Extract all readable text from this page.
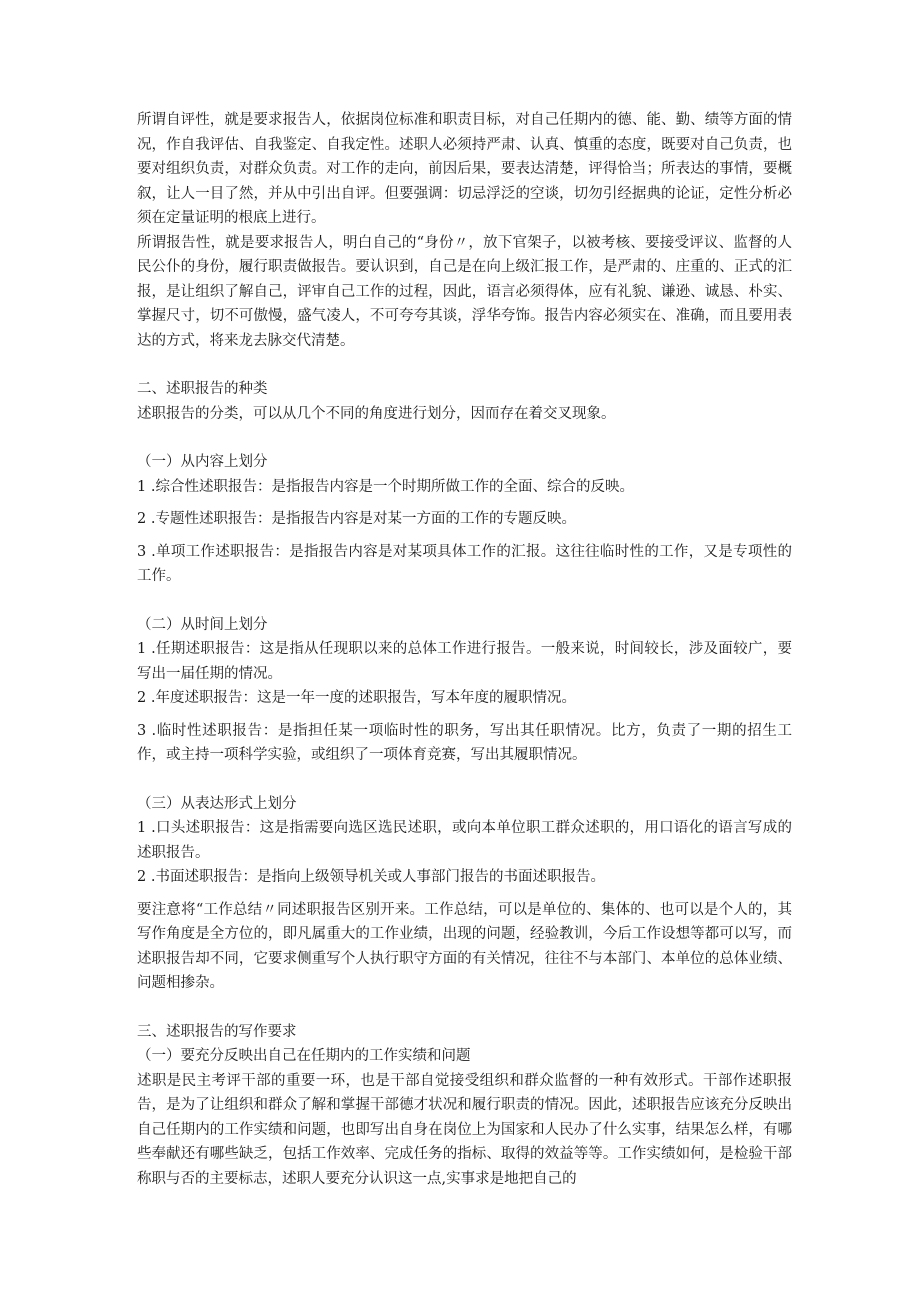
所谓自评性，就是要求报告人，依据岗位标准和职责目标，对自己任期内的德、能、勤、绩等方面的情况，作自我评估、自我鉴定、自我定性。述职人必须持严肃、认真、慎重的态度，既要对自己负责，也要对组织负责，对群众负责。对工作的走向，前因后果，要表达清楚，评得恰当；所表达的事情，要概叙，让人一目了然，并从中引出自评。但要强调：切忌浮泛的空谈，切勿引经据典的论证，定性分析必须在定量证明的根底上进行。

所谓报告性，就是要求报告人，明白自己的“身份〃，放下官架子，以被考核、要接受评议、监督的人民公仆的身份，履行职责做报告。要认识到，自己是在向上级汇报工作，是严肃的、庄重的、正式的汇报，是让组织了解自己，评审自己工作的过程，因此，语言必须得体，应有礼貌、谦逊、诚恳、朴实、掌握尺寸，切不可傲慢，盛气凌人，不可夸夸其谈，浮华夸饰。报告内容必须实在、准确，而且要用表达的方式，将来龙去脉交代清楚。

二、述职报告的种类

述职报告的分类，可以从几个不同的角度进行划分，因而存在着交叉现象。

（一）从内容上划分

1 .综合性述职报告：是指报告内容是一个时期所做工作的全面、综合的反映。

2 .专题性述职报告：是指报告内容是对某一方面的工作的专题反映。

3 .单项工作述职报告：是指报告内容是对某项具体工作的汇报。这往往临时性的工作，又是专项性的工作。

（二）从时间上划分

1 .任期述职报告：这是指从任现职以来的总体工作进行报告。一般来说，时间较长，涉及面较广，要写出一届任期的情况。

2 .年度述职报告：这是一年一度的述职报告，写本年度的履职情况。

3 .临时性述职报告：是指担任某一项临时性的职务，写出其任职情况。比方，负责了一期的招生工作，或主持一项科学实验，或组织了一项体育竞赛，写出其履职情况。

（三）从表达形式上划分

1 .口头述职报告：这是指需要向选区选民述职，或向本单位职工群众述职的，用口语化的语言写成的述职报告。

2 .书面述职报告：是指向上级领导机关或人事部门报告的书面述职报告。

要注意将“工作总结〃同述职报告区别开来。工作总结，可以是单位的、集体的、也可以是个人的，其写作角度是全方位的，即凡属重大的工作业绩，出现的问题，经验教训，今后工作设想等都可以写，而述职报告却不同，它要求侧重写个人执行职守方面的有关情况，往往不与本部门、本单位的总体业绩、问题相掺杂。

三、述职报告的写作要求

（一）要充分反映出自己在任期内的工作实绩和问题

述职是民主考评干部的重要一环，也是干部自觉接受组织和群众监督的一种有效形式。干部作述职报告，是为了让组织和群众了解和掌握干部德才状况和履行职责的情况。因此，述职报告应该充分反映出自己任期内的工作实绩和问题，也即写出自身在岗位上为国家和人民办了什么实事，结果怎么样，有哪些奉献还有哪些缺乏，包括工作效率、完成任务的指标、取得的效益等等。工作实绩如何，是检验干部称职与否的主要标志，述职人要充分认识这一点,实事求是地把自己的
